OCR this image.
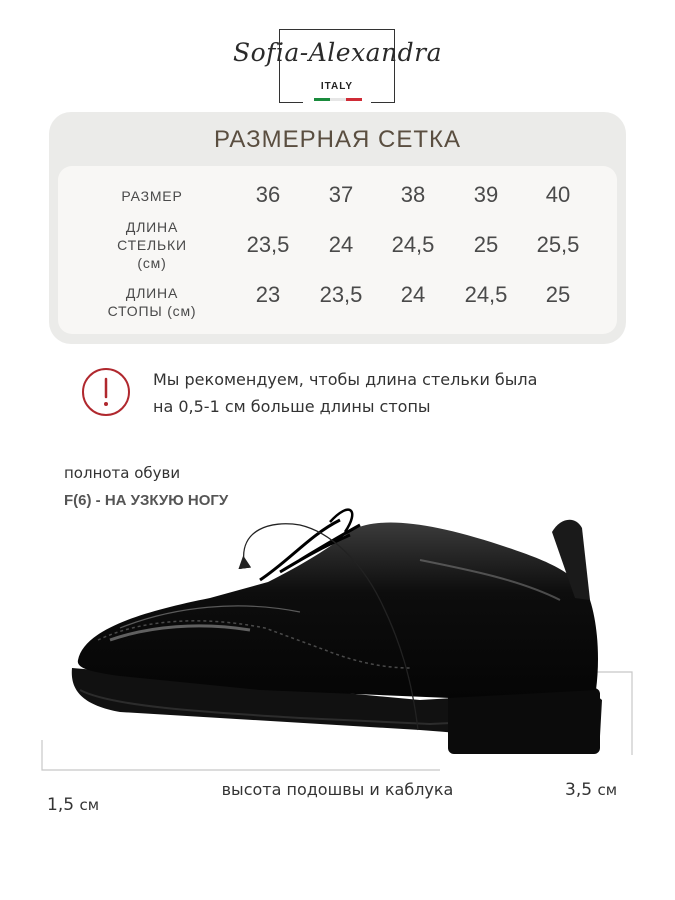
Sofia-Alexandra
ITALY
РАЗМЕРНАЯ СЕТКА
РАЗМЕР	36	37	38	39	40
ДЛИНА
СТЕЛЬКИ
(см)
23,5	24	24,5	25	25,5
ДЛИНА
СТОПЫ (см)
23	23,5	24	24,5	25
Мы рекомендуем, чтобы длина стельки была
на 0,5-1 см больше длины стопы
полнота обуви
F(6) - НА УЗКУЮ НОГУ
1,5 см
высота подошвы и каблука	3,5 см
